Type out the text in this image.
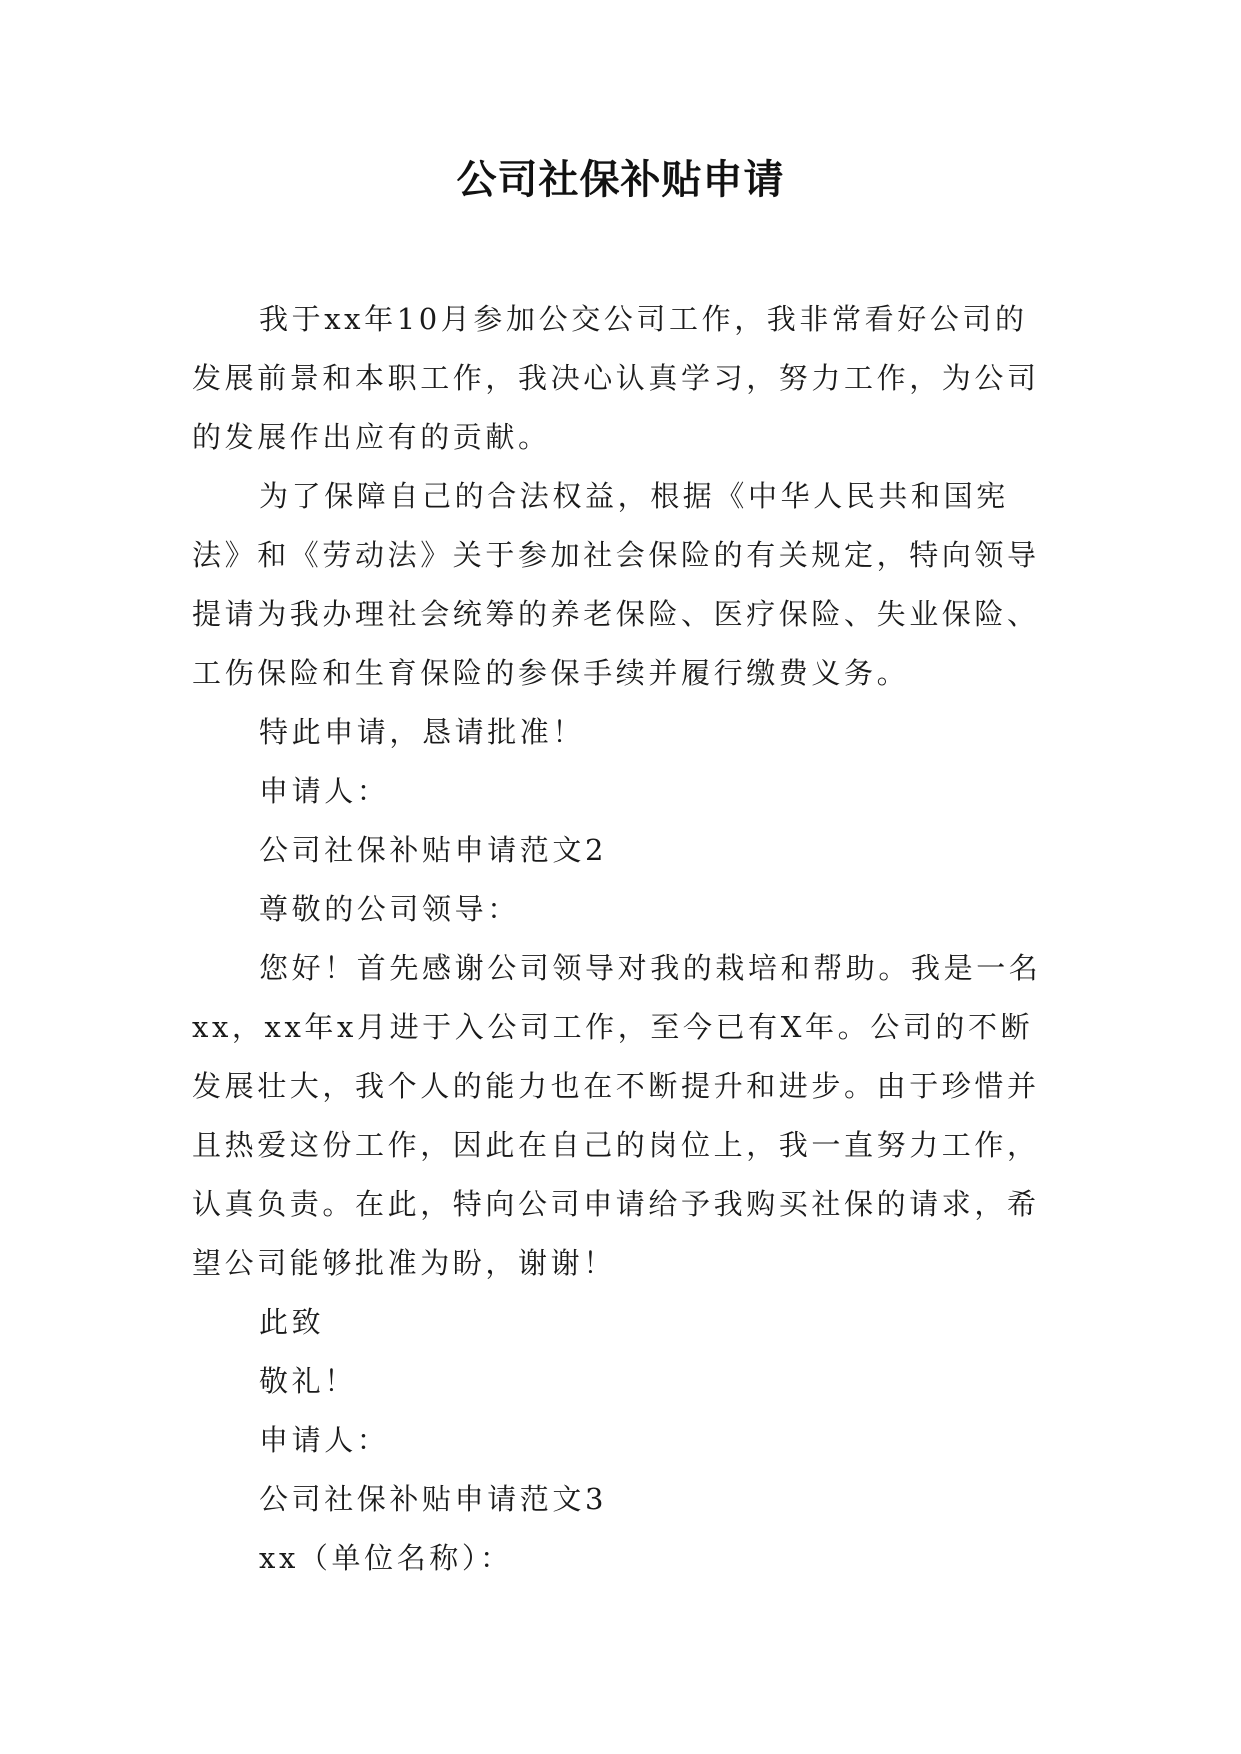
公司社保补贴申请

我于xx年10月参加公交公司工作，我非常看好公司的发展前景和本职工作，我决心认真学习，努力工作，为公司的发展作出应有的贡献。

为了保障自己的合法权益，根据《中华人民共和国宪法》和《劳动法》关于参加社会保险的有关规定，特向领导提请为我办理社会统筹的养老保险、医疗保险、失业保险、工伤保险和生育保险的参保手续并履行缴费义务。

特此申请，恳请批准！

申请人：

公司社保补贴申请范文2

尊敬的公司领导：

您好！首先感谢公司领导对我的栽培和帮助。我是一名xx，xx年x月进于入公司工作，至今已有X年。公司的不断发展壮大，我个人的能力也在不断提升和进步。由于珍惜并且热爱这份工作，因此在自己的岗位上，我一直努力工作，认真负责。在此，特向公司申请给予我购买社保的请求，希望公司能够批准为盼，谢谢！

此致

敬礼！

申请人：

公司社保补贴申请范文3

xx（单位名称）：
